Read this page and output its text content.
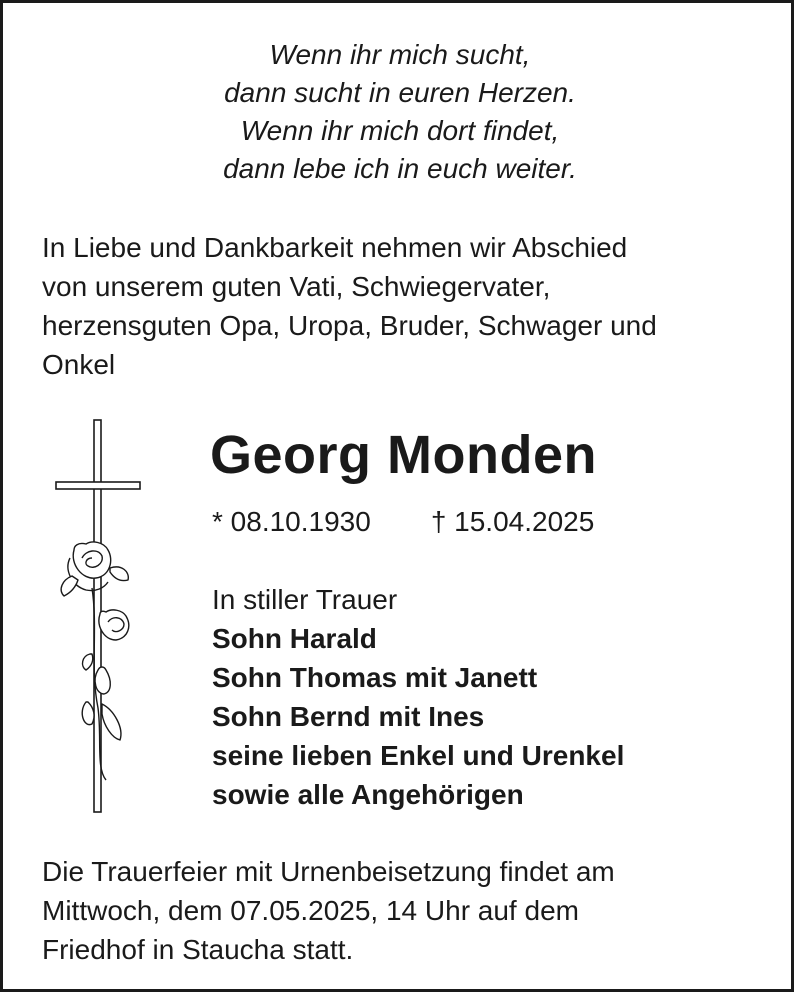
Wenn ihr mich sucht,
dann sucht in euren Herzen.
Wenn ihr mich dort findet,
dann lebe ich in euch weiter.
In Liebe und Dankbarkeit nehmen wir Abschied
von unserem guten Vati, Schwiegervater,
herzensguten Opa, Uropa, Bruder, Schwager und
Onkel
Georg Monden
* 08.10.1930 † 15.04.2025
In stiller Trauer
Sohn Harald
Sohn Thomas mit Janett
Sohn Bernd mit Ines
seine lieben Enkel und Urenkel
sowie alle Angehörigen
Die Trauerfeier mit Urnenbeisetzung findet am
Mittwoch, dem 07.05.2025, 14 Uhr auf dem
Friedhof in Staucha statt.
